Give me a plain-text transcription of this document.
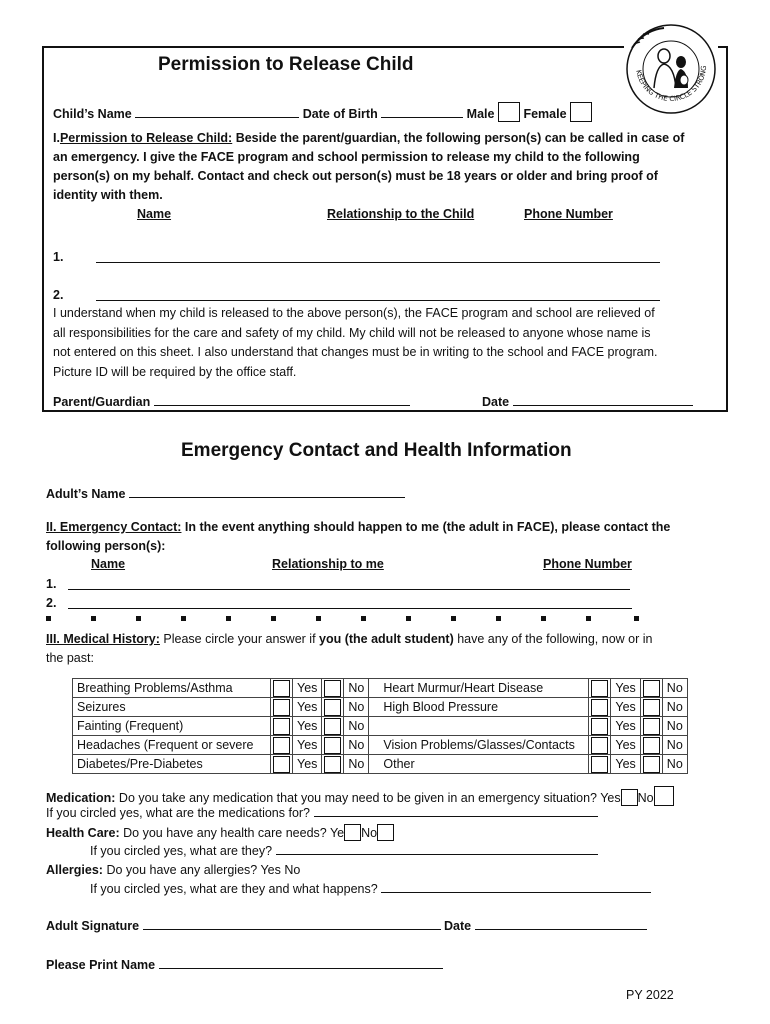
KEEPING THE CIRCLE STRONG
Permission to Release Child
Child’s Name	Date of Birth	Male Female
I.Permission to Release Child: Beside the parent/guardian, the following person(s) can be called in case of
an emergency. I give the FACE program and school permission to release my child to the following
person(s) on my behalf. Contact and check out person(s) must be 18 years or older and bring proof of
identity with them.
Name	Relationship to the Child	Phone Number
1.
2.
I understand when my child is released to the above person(s), the FACE program and school are relieved of
all responsibilities for the care and safety of my child. My child will not be released to anyone whose name is
not entered on this sheet. I also understand that changes must be in writing to the school and FACE program.
Picture ID will be required by the office staff.
Parent/Guardian	Date
Emergency Contact and Health Information
Adult’s Name
II. Emergency Contact: In the event anything should happen to me (the adult in FACE), please contact the
following person(s):
Name	Relationship to me	Phone Number
1.
2.
III. Medical History: Please circle your answer if you (the adult student) have any of the following, now or in
the past:
Breathing Problems/Asthma		Yes		No	Heart Murmur/Heart Disease		Yes		No
Seizures		Yes		No	High Blood Pressure		Yes		No
Fainting (Frequent)		Yes		No			Yes		No
Headaches (Frequent or severe		Yes		No	Vision Problems/Glasses/Contacts		Yes		No
Diabetes/Pre-Diabetes		Yes		No	Other		Yes		No
Medication: Do you take any medication that you may need to be given in an emergency situation? Yes No
If you circled yes, what are the medications for?
Health Care: Do you have any health care needs? Ye No
If you circled yes, what are they?
Allergies: Do you have any allergies? Yes No
If you circled yes, what are they and what happens?
Adult Signature	Date
Please Print Name
PY 2022
